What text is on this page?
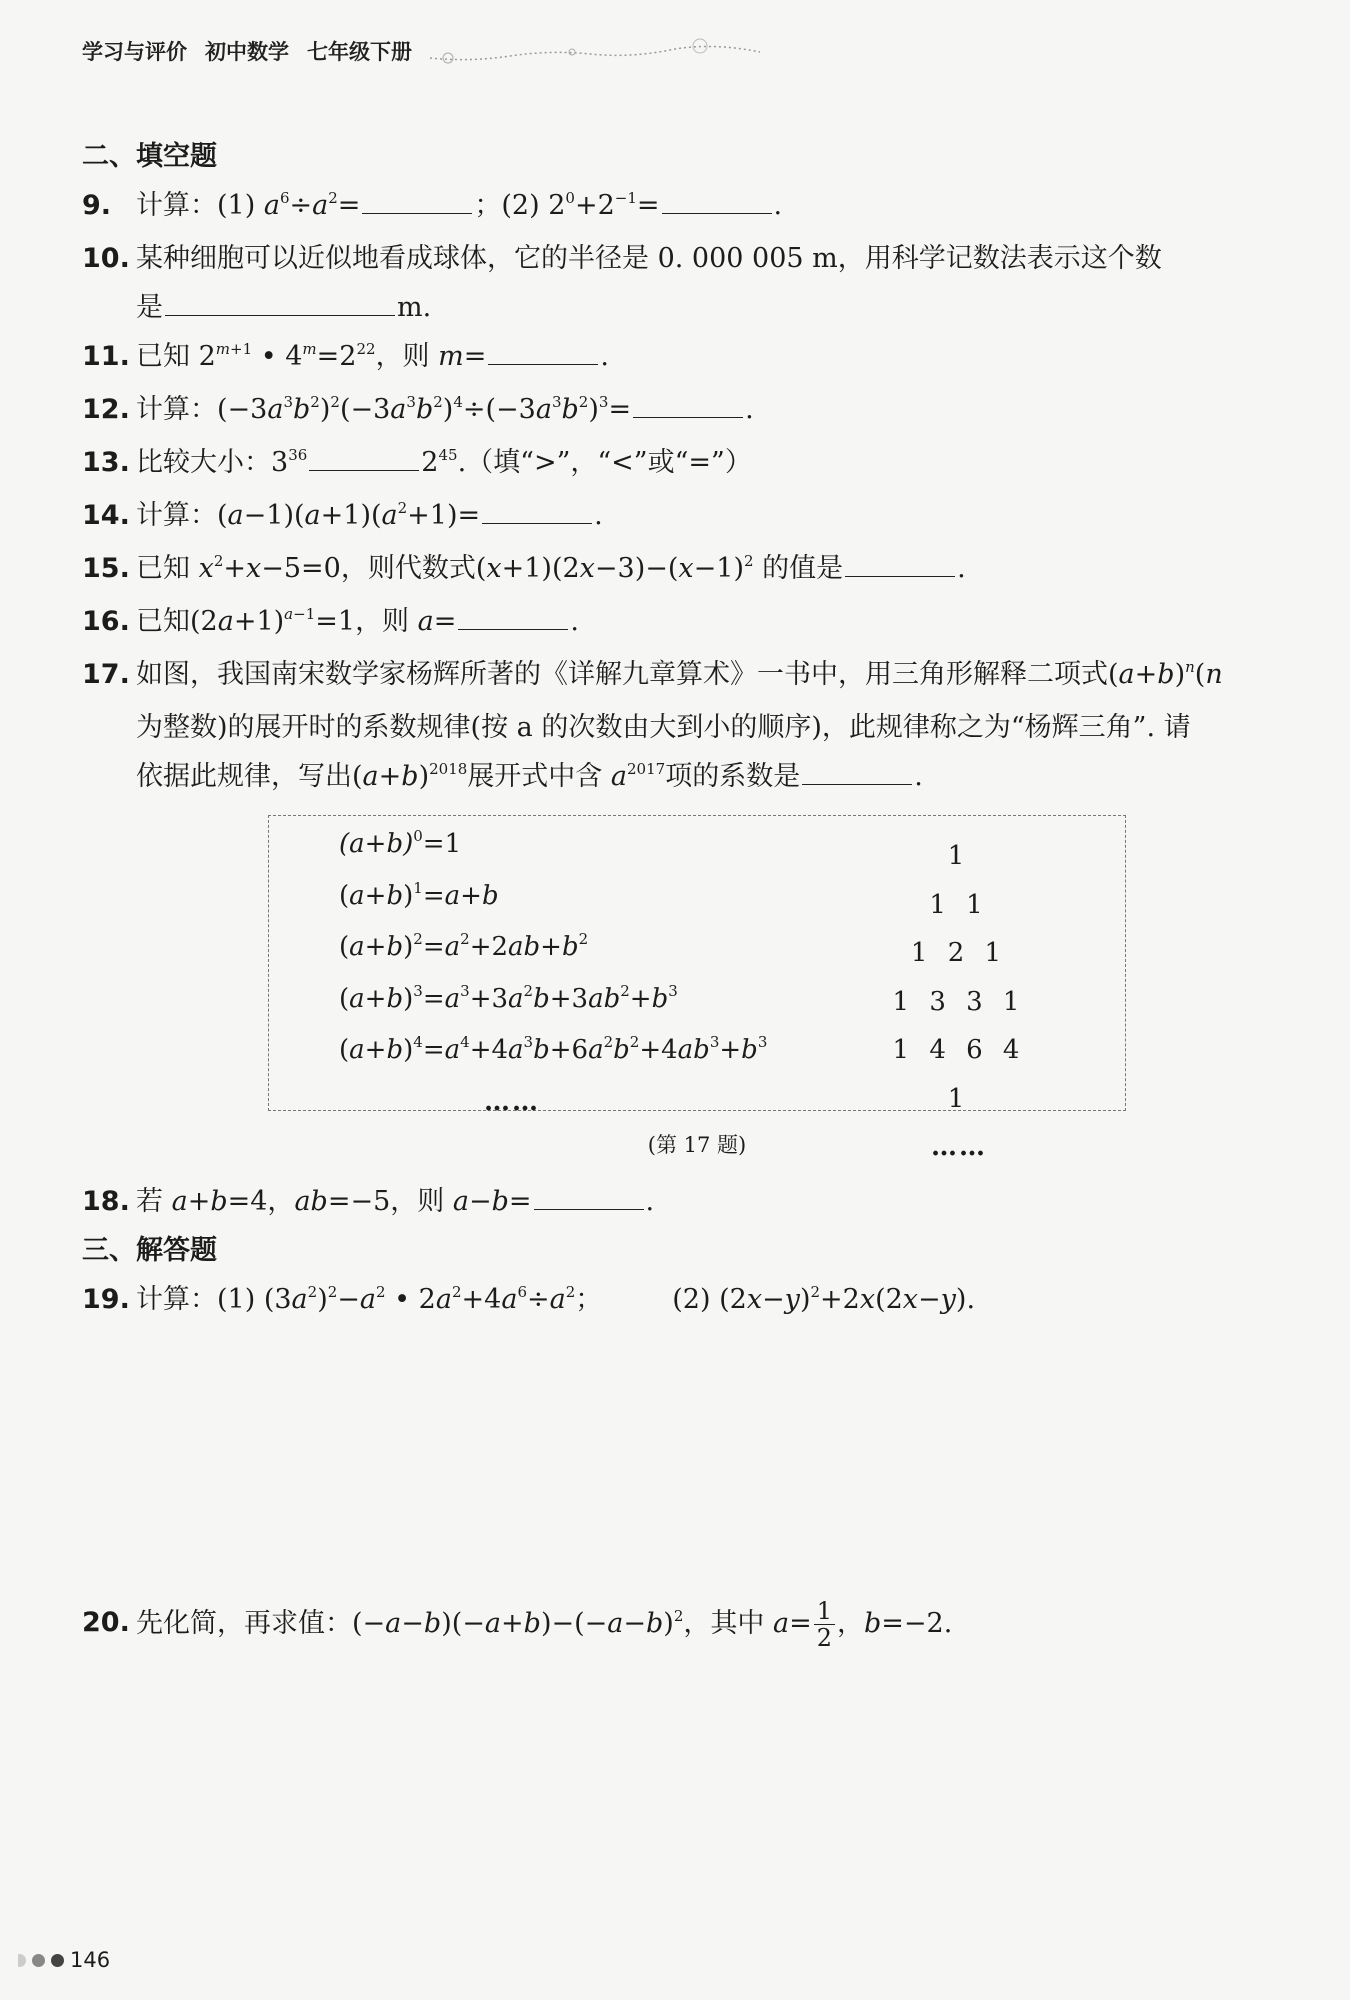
学习与评价 初中数学 七年级下册
二、填空题
9. 计算：(1) $a^6\div a^2=$	；(2) $2^0+2^{-1}=$	.
10. 某种细胞可以近似地看成球体，它的半径是 0. 000 005 m，用科学记数法表示这个数
是	m.
11. 已知 $2^{m+1}$ • $4^m=2^{22}$，则 m=	.
12. 计算：$(-3a^3b^2)^2(-3a^3b^2)^4\div(-3a^3b^2)^3=$	.
13. 比较大小：$3^{36}$	$2^{45}$.（填“>”，“<”或“=”）
14. 计算：$(a-1)(a+1)(a^2+1)=$	.
15. 已知 $x^2+x-5=0$，则代数式$(x+1)(2x-3)-(x-1)^2$ 的值是	.
16. 已知$(2a+1)^{a-1}=1$，则 a=	.
17. 如图，我国南宋数学家杨辉所著的《详解九章算术》一书中，用三角形解释二项式$(a+b)^n(n$
为整数)的展开时的系数规律(按 a 的次数由大到小的顺序)，此规律称之为“杨辉三角”. 请
依据此规律，写出$(a+b)^{2018}$展开式中含 $a^{2017}$项的系数是	.
$(a+b)^0=1$
$(a+b)^1=a+b$
$(a+b)^2=a^2+2ab+b^2$
$(a+b)^3=a^3+3a^2b+3ab^2+b^3$
$(a+b)^4=a^4+4a^3b+6a^2b^2+4ab^3+b^3$
……
1
1 1
1 2 1
1 3 3 1
1 4 6 4 1
……
(第 17 题)
18. 若 a+b=4，ab=−5，则 a−b=	.
三、解答题
19. 计算：(1) $(3a^2)^2-a^2$ • $2a^2+4a^6\div a^2$；	(2) $(2x-y)^2+2x(2x-y)$.
20. 先化简，再求值：$(-a-b)(-a+b)-(-a-b)^2$，其中 $a= \frac{1}{2}$ ，b=−2.
146
